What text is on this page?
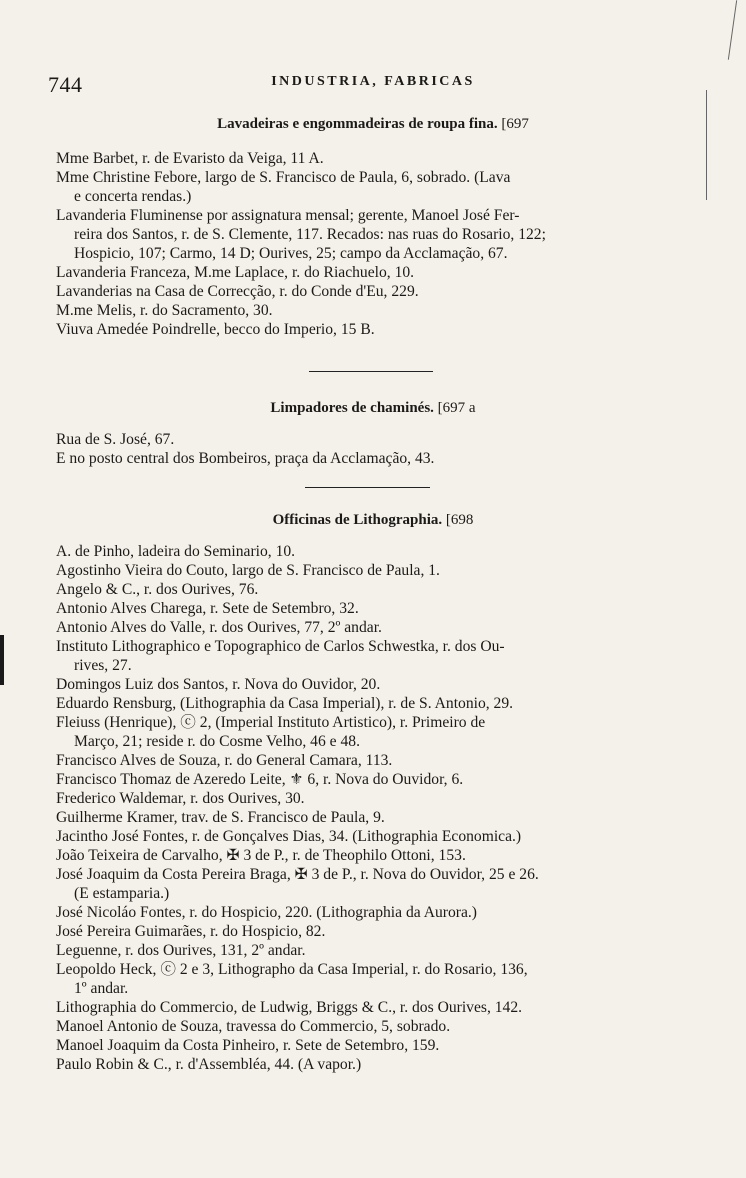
744	INDUSTRIA, FABRICAS
Lavadeiras e engommadeiras de roupa fina. [697
Mme Barbet, r. de Evaristo da Veiga, 11 A.
Mme Christine Febore, largo de S. Francisco de Paula, 6, sobrado. (Lava
e concerta rendas.)
Lavanderia Fluminense por assignatura mensal; gerente, Manoel José Fer-
reira dos Santos, r. de S. Clemente, 117. Recados: nas ruas do Rosario, 122;
Hospicio, 107; Carmo, 14 D; Ourives, 25; campo da Acclamação, 67.
Lavanderia Franceza, M.me Laplace, r. do Riachuelo, 10.
Lavanderias na Casa de Correcção, r. do Conde d'Eu, 229.
M.me Melis, r. do Sacramento, 30.
Viuva Amedée Poindrelle, becco do Imperio, 15 B.
Limpadores de chaminés. [697 a
Rua de S. José, 67.
E no posto central dos Bombeiros, praça da Acclamação, 43.
Officinas de Lithographia. [698
A. de Pinho, ladeira do Seminario, 10.
Agostinho Vieira do Couto, largo de S. Francisco de Paula, 1.
Angelo & C., r. dos Ourives, 76.
Antonio Alves Charega, r. Sete de Setembro, 32.
Antonio Alves do Valle, r. dos Ourives, 77, 2º andar.
Instituto Lithographico e Topographico de Carlos Schwestka, r. dos Ou-
rives, 27.
Domingos Luiz dos Santos, r. Nova do Ouvidor, 20.
Eduardo Rensburg, (Lithographia da Casa Imperial), r. de S. Antonio, 29.
Fleiuss (Henrique), ⓒ 2, (Imperial Instituto Artistico), r. Primeiro de
Março, 21; reside r. do Cosme Velho, 46 e 48.
Francisco Alves de Souza, r. do General Camara, 113.
Francisco Thomaz de Azeredo Leite, ⚜ 6, r. Nova do Ouvidor, 6.
Frederico Waldemar, r. dos Ourives, 30.
Guilherme Kramer, trav. de S. Francisco de Paula, 9.
Jacintho José Fontes, r. de Gonçalves Dias, 34. (Lithographia Economica.)
João Teixeira de Carvalho, ✠ 3 de P., r. de Theophilo Ottoni, 153.
José Joaquim da Costa Pereira Braga, ✠ 3 de P., r. Nova do Ouvidor, 25 e 26.
(E estamparia.)
José Nicoláo Fontes, r. do Hospicio, 220. (Lithographia da Aurora.)
José Pereira Guimarães, r. do Hospicio, 82.
Leguenne, r. dos Ourives, 131, 2º andar.
Leopoldo Heck, ⓒ 2 e 3, Lithographo da Casa Imperial, r. do Rosario, 136,
1º andar.
Lithographia do Commercio, de Ludwig, Briggs & C., r. dos Ourives, 142.
Manoel Antonio de Souza, travessa do Commercio, 5, sobrado.
Manoel Joaquim da Costa Pinheiro, r. Sete de Setembro, 159.
Paulo Robin & C., r. d'Assembléa, 44. (A vapor.)
